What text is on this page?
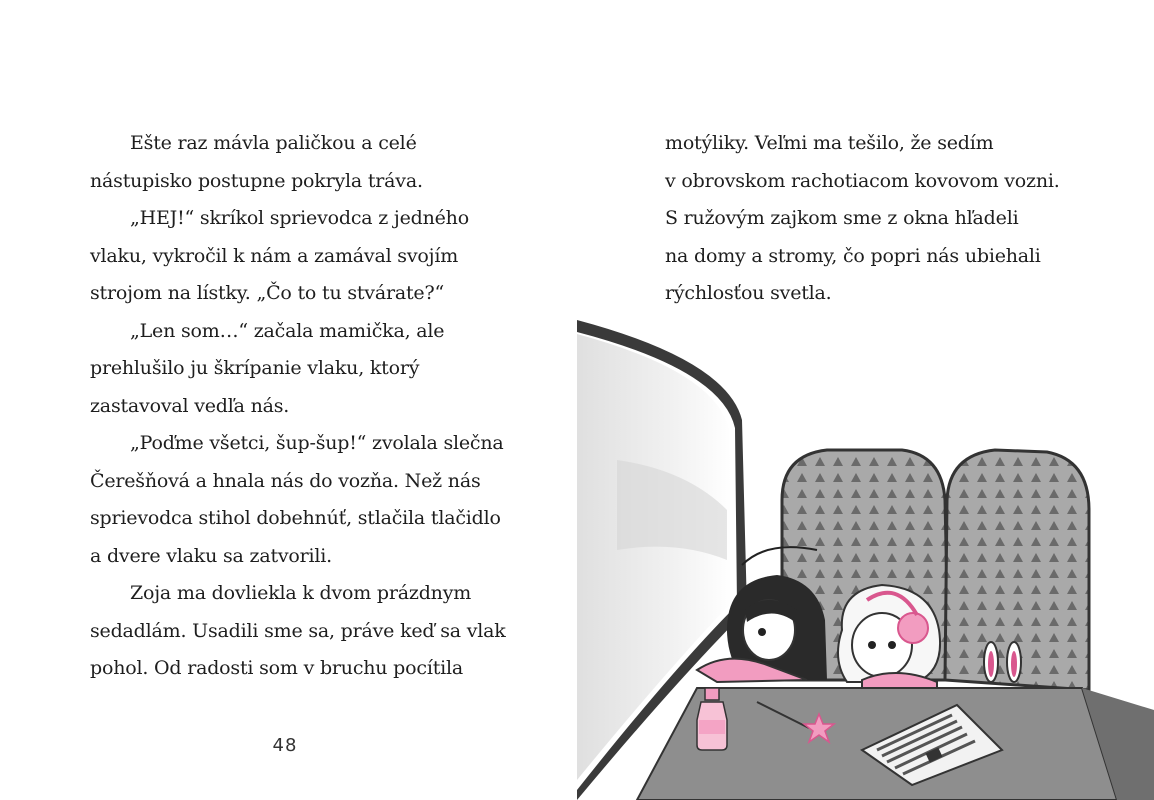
Ešte raz mávla paličkou a celé
nástupisko postupne pokryla tráva.
„HEJ!“ skríkol sprievodca z jedného
vlaku, vykročil k nám a zamával svojím
strojom na lístky. „Čo to tu stvárate?“
„Len som…“ začala mamička, ale
prehlušilo ju škrípanie vlaku, ktorý
zastavoval vedľa nás.
„Poďme všetci, šup-šup!“ zvolala slečna
Čerešňová a hnala nás do vozňa. Než nás
sprievodca stihol dobehnúť, stlačila tlačidlo
a dvere vlaku sa zatvorili.
Zoja ma dovliekla k dvom prázdnym
sedadlám. Usadili sme sa, práve keď sa vlak
pohol. Od radosti som v bruchu pocítila
48
motýliky. Veľmi ma tešilo, že sedím
v obrovskom rachotiacom kovovom vozni.
S ružovým zajkom sme z okna hľadeli
na domy a stromy, čo popri nás ubiehali
rýchlosťou svetla.
